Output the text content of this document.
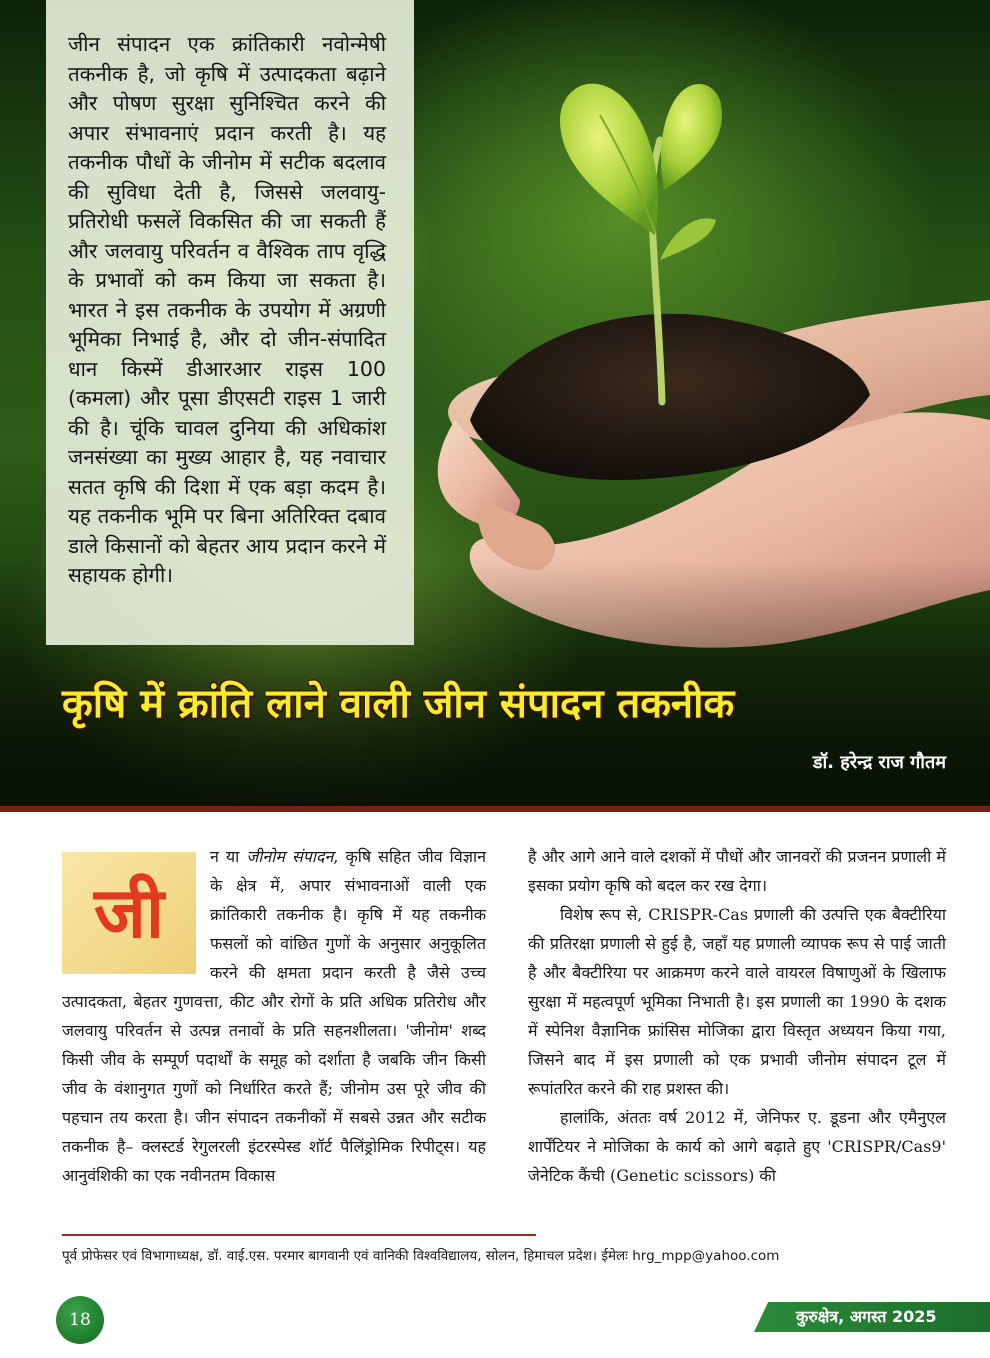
जीन संपादन एक क्रांतिकारी नवोन्मेषी तकनीक है, जो कृषि में उत्पादकता बढ़ाने और पोषण सुरक्षा सुनिश्चित करने की अपार संभावनाएं प्रदान करती है। यह तकनीक पौधों के जीनोम में सटीक बदलाव की सुविधा देती है, जिससे जलवायु-प्रतिरोधी फसलें विकसित की जा सकती हैं और जलवायु परिवर्तन व वैश्विक ताप वृद्धि के प्रभावों को कम किया जा सकता है। भारत ने इस तकनीक के उपयोग में अग्रणी भूमिका निभाई है, और दो जीन-संपादित धान किस्में डीआरआर राइस 100 (कमला) और पूसा डीएसटी राइस 1 जारी की है। चूंकि चावल दुनिया की अधिकांश जनसंख्या का मुख्य आहार है, यह नवाचार सतत कृषि की दिशा में एक बड़ा कदम है। यह तकनीक भूमि पर बिना अतिरिक्त दबाव डाले किसानों को बेहतर आय प्रदान करने में सहायक होगी।

कृषि में क्रांति लाने वाली जीन संपादन तकनीक

डॉ. हरेन्द्र राज गौतम

जी

न या जीनोम संपादन, कृषि सहित जीव विज्ञान के क्षेत्र में, अपार संभावनाओं वाली एक क्रांतिकारी तकनीक है। कृषि में यह तकनीक फसलों को वांछित गुणों के अनुसार अनुकूलित करने की क्षमता प्रदान करती है जैसे उच्च उत्पादकता, बेहतर गुणवत्ता, कीट और रोगों के प्रति अधिक प्रतिरोध और जलवायु परिवर्तन से उत्पन्न तनावों के प्रति सहनशीलता। 'जीनोम' शब्द किसी जीव के सम्पूर्ण पदार्थों के समूह को दर्शाता है जबकि जीन किसी जीव के वंशानुगत गुणों को निर्धारित करते हैं; जीनोम उस पूरे जीव की पहचान तय करता है। जीन संपादन तकनीकों में सबसे उन्नत और सटीक तकनीक है– क्लस्टर्ड रेगुलरली इंटरस्पेस्ड शॉर्ट पैलिंड्रोमिक रिपीट्स। यह आनुवंशिकी का एक नवीनतम विकास

है और आगे आने वाले दशकों में पौधों और जानवरों की प्रजनन प्रणाली में इसका प्रयोग कृषि को बदल कर रख देगा।

विशेष रूप से, CRISPR-Cas प्रणाली की उत्पत्ति एक बैक्टीरिया की प्रतिरक्षा प्रणाली से हुई है, जहाँ यह प्रणाली व्यापक रूप से पाई जाती है और बैक्टीरिया पर आक्रमण करने वाले वायरल विषाणुओं के खिलाफ सुरक्षा में महत्वपूर्ण भूमिका निभाती है। इस प्रणाली का 1990 के दशक में स्पेनिश वैज्ञानिक फ्रांसिस मोजिका द्वारा विस्तृत अध्ययन किया गया, जिसने बाद में इस प्रणाली को एक प्रभावी जीनोम संपादन टूल में रूपांतरित करने की राह प्रशस्त की।

हालांकि, अंततः वर्ष 2012 में, जेनिफर ए. डूडना और एमैनुएल शार्पेंटियर ने मोजिका के कार्य को आगे बढ़ाते हुए 'CRISPR/Cas9' जेनेटिक कैंची (Genetic scissors) की

पूर्व प्रोफेसर एवं विभागाध्यक्ष, डॉ. वाई.एस. परमार बागवानी एवं वानिकी विश्वविद्यालय, सोलन, हिमाचल प्रदेश। ईमेलः hrg_mpp@yahoo.com

18	कुरुक्षेत्र, अगस्त 2025
